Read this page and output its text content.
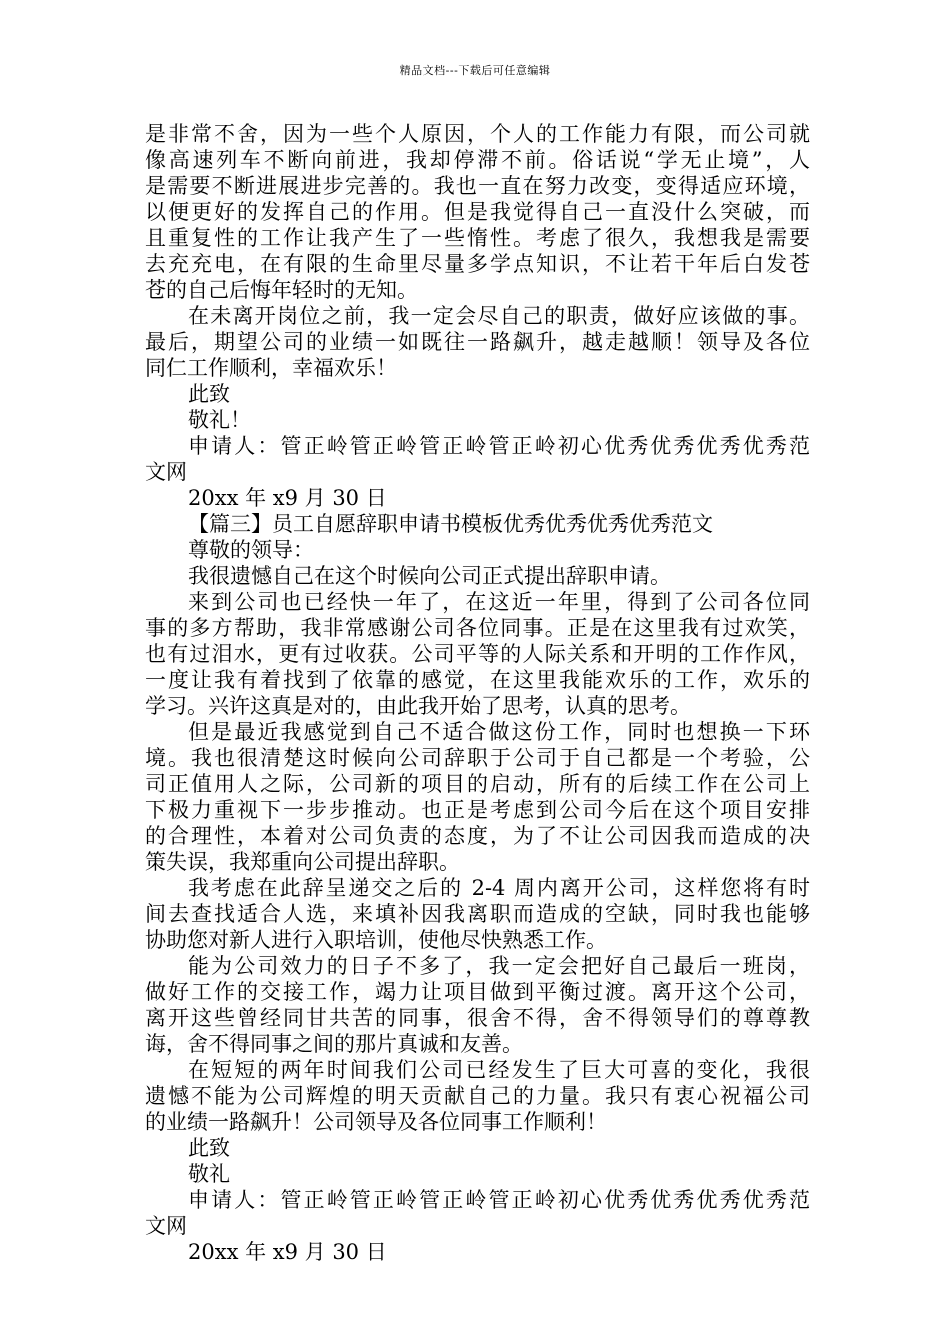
精品文档---下载后可任意编辑
是非常不舍，因为一些个人原因，个人的工作能力有限，而公司就
像高速列车不断向前进，我却停滞不前。俗话说“学无止境”，人
是需要不断进展进步完善的。我也一直在努力改变，变得适应环境，
以便更好的发挥自己的作用。但是我觉得自己一直没什么突破，而
且重复性的工作让我产生了一些惰性。考虑了很久，我想我是需要
去充充电，在有限的生命里尽量多学点知识，不让若干年后白发苍
苍的自己后悔年轻时的无知。
在未离开岗位之前，我一定会尽自己的职责，做好应该做的事。
最后，期望公司的业绩一如既往一路飙升，越走越顺！领导及各位
同仁工作顺利，幸福欢乐！
此致
敬礼！
申请人：管正岭管正岭管正岭管正岭初心优秀优秀优秀优秀范
文网
20xx 年 x9 月 30 日
【篇三】员工自愿辞职申请书模板优秀优秀优秀优秀范文
尊敬的领导：
我很遗憾自己在这个时候向公司正式提出辞职申请。
来到公司也已经快一年了，在这近一年里，得到了公司各位同
事的多方帮助，我非常感谢公司各位同事。正是在这里我有过欢笑，
也有过泪水，更有过收获。公司平等的人际关系和开明的工作作风，
一度让我有着找到了依靠的感觉，在这里我能欢乐的工作，欢乐的
学习。兴许这真是对的，由此我开始了思考，认真的思考。
但是最近我感觉到自己不适合做这份工作，同时也想换一下环
境。我也很清楚这时候向公司辞职于公司于自己都是一个考验，公
司正值用人之际，公司新的项目的启动，所有的后续工作在公司上
下极力重视下一步步推动。也正是考虑到公司今后在这个项目安排
的合理性，本着对公司负责的态度，为了不让公司因我而造成的决
策失误，我郑重向公司提出辞职。
我考虑在此辞呈递交之后的 2-4 周内离开公司，这样您将有时
间去查找适合人选，来填补因我离职而造成的空缺，同时我也能够
协助您对新人进行入职培训，使他尽快熟悉工作。
能为公司效力的日子不多了，我一定会把好自己最后一班岗，
做好工作的交接工作，竭力让项目做到平衡过渡。离开这个公司，
离开这些曾经同甘共苦的同事，很舍不得，舍不得领导们的尊尊教
诲，舍不得同事之间的那片真诚和友善。
在短短的两年时间我们公司已经发生了巨大可喜的变化，我很
遗憾不能为公司辉煌的明天贡献自己的力量。我只有衷心祝福公司
的业绩一路飙升！公司领导及各位同事工作顺利！
此致
敬礼
申请人：管正岭管正岭管正岭管正岭初心优秀优秀优秀优秀范
文网
20xx 年 x9 月 30 日
